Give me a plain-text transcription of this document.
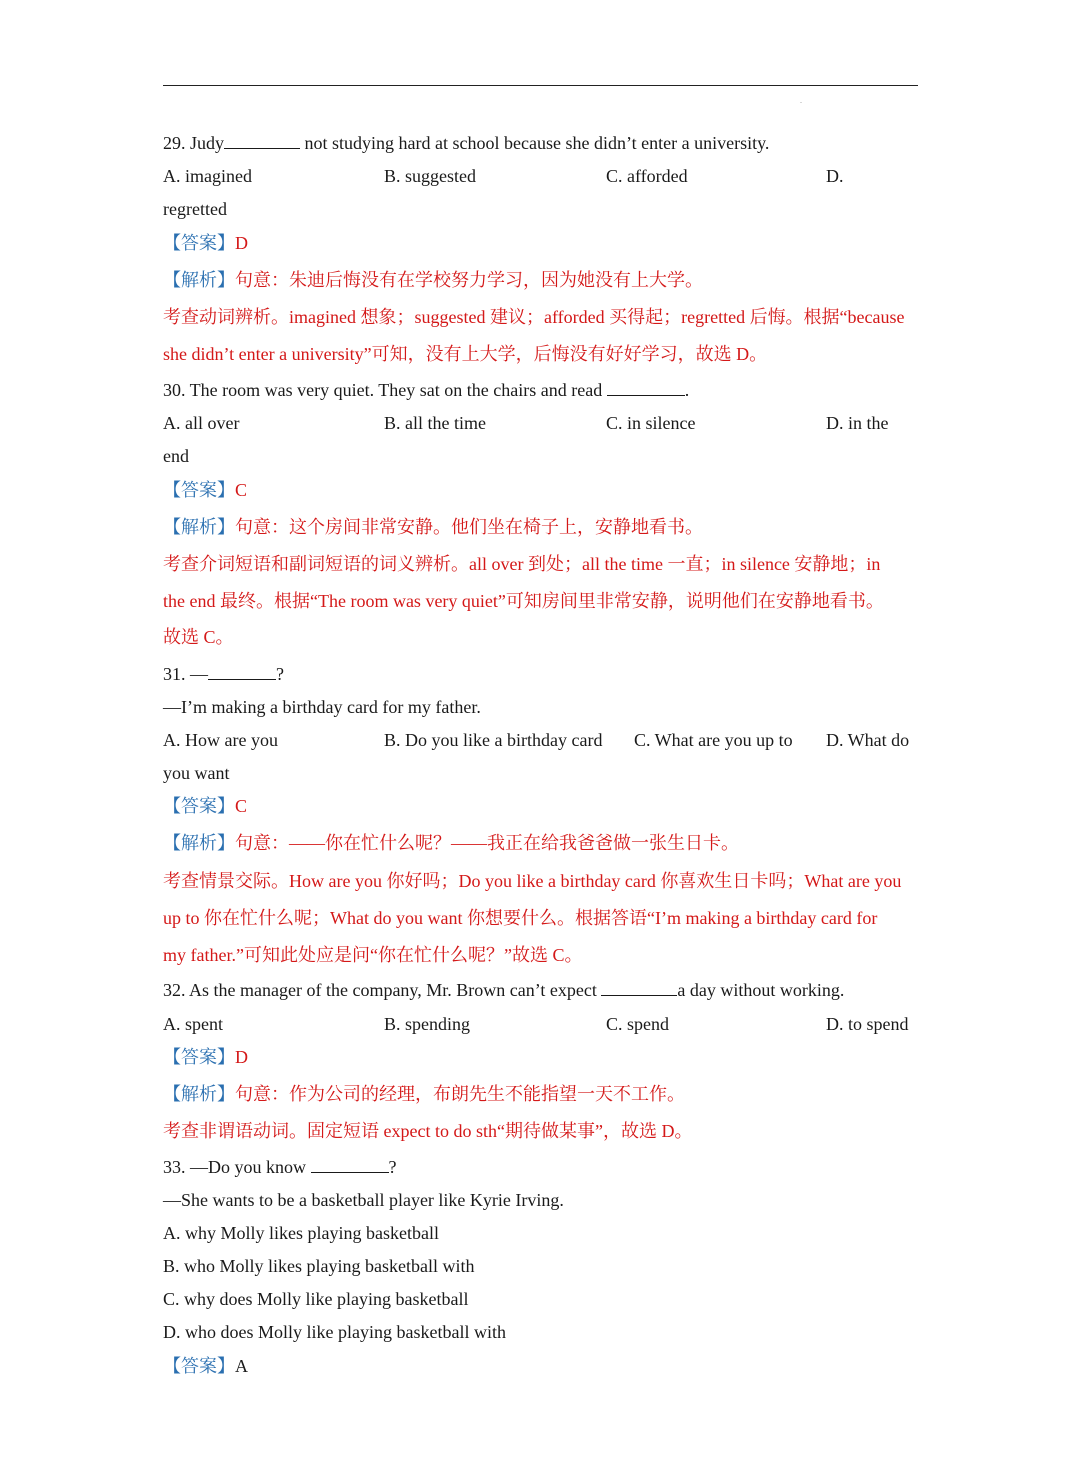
.
29. Judy	not studying hard at school because she didn’t enter a university.
A. imagined	B. suggested	C. afforded	D.
regretted
【答案】D
【解析】句意：朱迪后悔没有在学校努力学习，因为她没有上大学。
考查动词辨析。imagined 想象；suggested 建议；afforded 买得起；regretted 后悔。根据“because
she didn’t enter a university”可知，没有上大学，后悔没有好好学习，故选 D。
30. The room was very quiet. They sat on the chairs and read	.
A. all over	B. all the time	C. in silence	D. in the
end
【答案】C
【解析】句意：这个房间非常安静。他们坐在椅子上，安静地看书。
考查介词短语和副词短语的词义辨析。all over 到处；all the time 一直；in silence 安静地；in
the end 最终。根据“The room was very quiet”可知房间里非常安静，说明他们在安静地看书。
故选 C。
31. —	?
—I’m making a birthday card for my father.
A. How are you	B. Do you like a birthday card C. What are you up to D. What do
you want
【答案】C
【解析】句意：——你在忙什么呢？——我正在给我爸爸做一张生日卡。
考查情景交际。How are you 你好吗；Do you like a birthday card 你喜欢生日卡吗；What are you
up to 你在忙什么呢；What do you want 你想要什么。根据答语“I’m making a birthday card for
my father.”可知此处应是问“你在忙什么呢？”故选 C。
32. As the manager of the company, Mr. Brown can’t expect	a day without working.
A. spent	B. spending	C. spend	D. to spend
【答案】D
【解析】句意：作为公司的经理，布朗先生不能指望一天不工作。
考查非谓语动词。固定短语 expect to do sth“期待做某事”，故选 D。
33. —Do you know	?
—She wants to be a basketball player like Kyrie Irving.
A. why Molly likes playing basketball
B. who Molly likes playing basketball with
C. why does Molly like playing basketball
D. who does Molly like playing basketball with
【答案】A
